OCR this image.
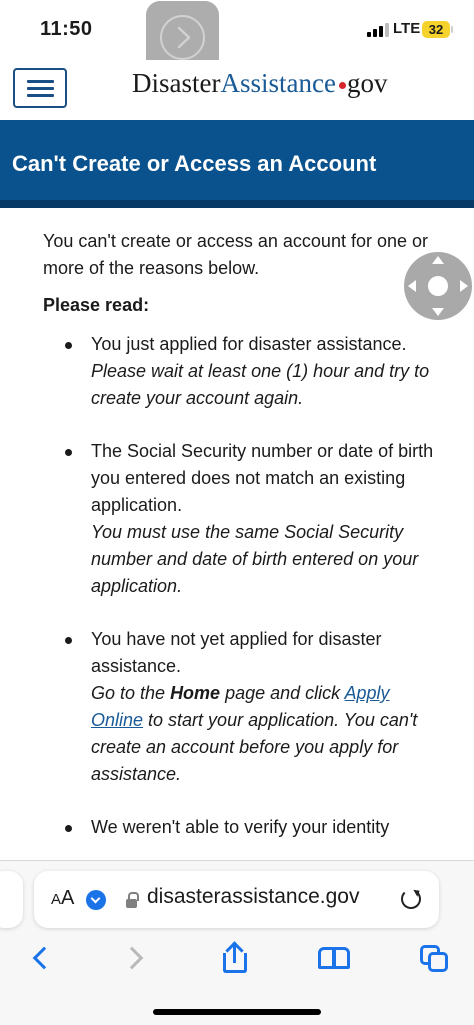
11:50	LTE 32
DisasterAssistance gov
Can't Create or Access an Account

You can't create or access an account for one or more of the reasons below.

Please read:

You just applied for disaster assistance.
Please wait at least one (1) hour and try to create your account again.
The Social Security number or date of birth you entered does not match an existing application.
You must use the same Social Security number and date of birth entered on your application.
You have not yet applied for disaster assistance.
Go to the Home page and click Apply Online to start your application. You can't create an account before you apply for assistance.
We weren't able to verify your identity
AA	disasterassistance.gov
